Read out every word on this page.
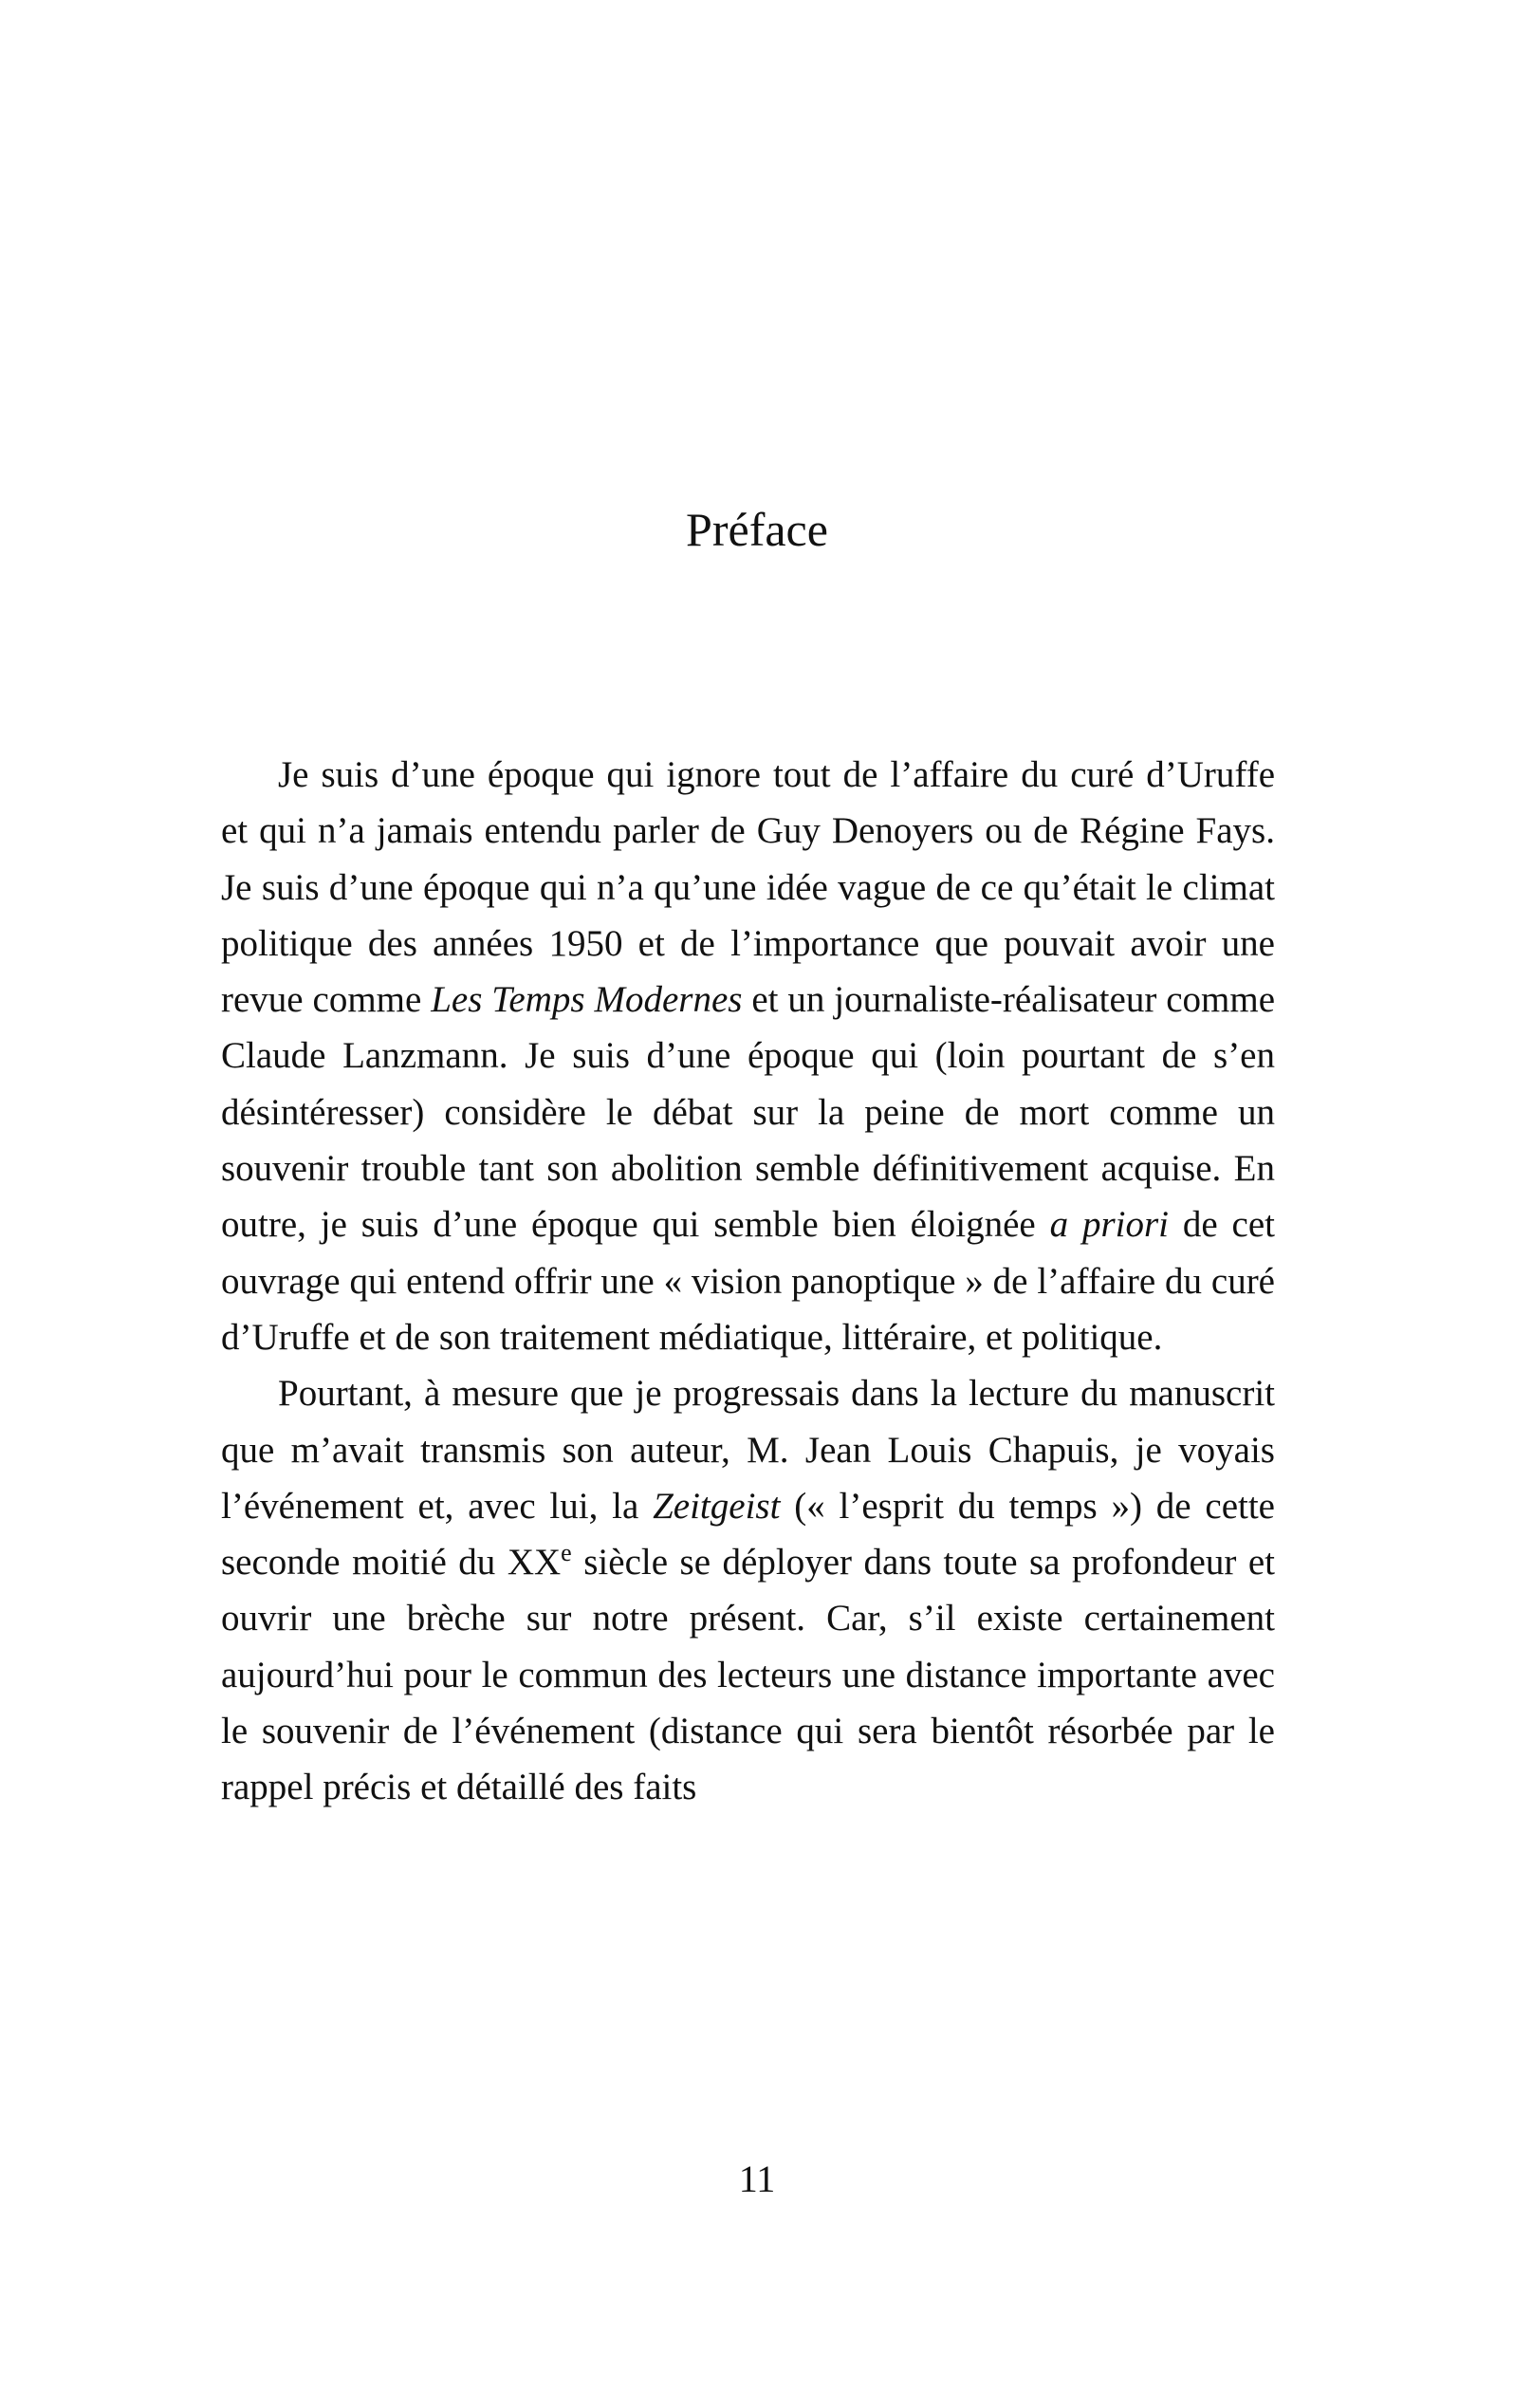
Préface

Je suis d’une époque qui ignore tout de l’affaire du curé d’Uruffe et qui n’a jamais entendu parler de Guy Denoyers ou de Régine Fays. Je suis d’une époque qui n’a qu’une idée vague de ce qu’était le climat politique des années 1950 et de l’importance que pouvait avoir une revue comme Les Temps Modernes et un journaliste-réalisateur comme Claude Lanzmann. Je suis d’une époque qui (loin pourtant de s’en désintéresser) considère le débat sur la peine de mort comme un souvenir trouble tant son abolition semble définitivement acquise. En outre, je suis d’une époque qui semble bien éloignée a priori de cet ouvrage qui entend offrir une « vision panoptique » de l’affaire du curé d’Uruffe et de son traitement médiatique, littéraire, et politique.

Pourtant, à mesure que je progressais dans la lecture du manuscrit que m’avait transmis son auteur, M. Jean Louis Chapuis, je voyais l’événement et, avec lui, la Zeitgeist (« l’esprit du temps ») de cette seconde moitié du XXe siècle se déployer dans toute sa profondeur et ouvrir une brèche sur notre présent. Car, s’il existe certainement aujourd’hui pour le commun des lecteurs une distance importante avec le souvenir de l’événement (distance qui sera bientôt résorbée par le rappel précis et détaillé des faits

11
